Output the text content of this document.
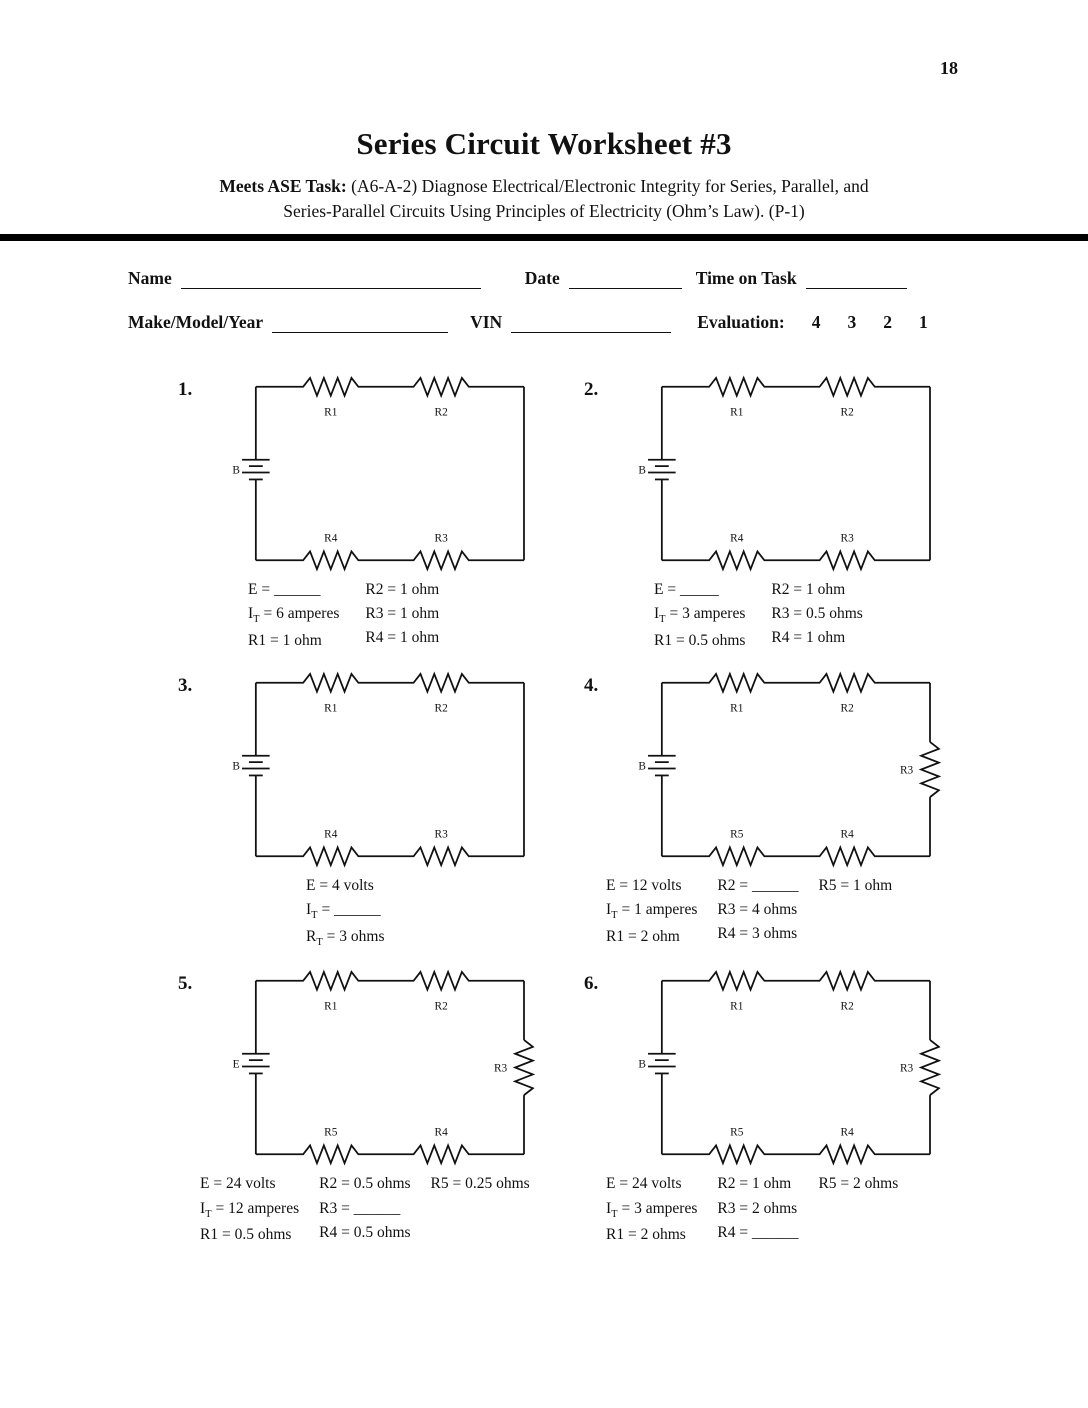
18
Series Circuit Worksheet #3
Meets ASE Task: (A6-A-2) Diagnose Electrical/Electronic Integrity for Series, Parallel, and
Series-Parallel Circuits Using Principles of Electricity (Ohm’s Law). (P-1)
Name	Date	Time on Task
Make/Model/Year	VIN	Evaluation: 4 3 2 1
1.
R1	R2
R4	R3
B
E = ______
$I_T = 6$ amperes
R1 = 1 ohm
R2 = 1 ohm
R3 = 1 ohm
R4 = 1 ohm
2.
R1	R2
R4	R3
B
E = _____
$I_T = 3$ amperes
R1 = 0.5 ohms
R2 = 1 ohm
R3 = 0.5 ohms
R4 = 1 ohm
3.
R1	R2
R4	R3
B
E = 4 volts
$I_T$ = ______
$R_T = 3$ ohms
4.
R1	R2
R5	R4
B	R3
E = 12 volts
$I_T = 1$ amperes
R1 = 2 ohm
R2 = ______
R3 = 4 ohms
R4 = 3 ohms
R5 = 1 ohm
5.
R1	R2
R5	R4
E	R3
E = 24 volts
$I_T = 12$ amperes
R1 = 0.5 ohms
R2 = 0.5 ohms
R3 = ______
R4 = 0.5 ohms
R5 = 0.25 ohms
6.
R1	R2
R5	R4
B	R3
E = 24 volts
$I_T = 3$ amperes
R1 = 2 ohms
R2 = 1 ohm
R3 = 2 ohms
R4 = ______
R5 = 2 ohms
